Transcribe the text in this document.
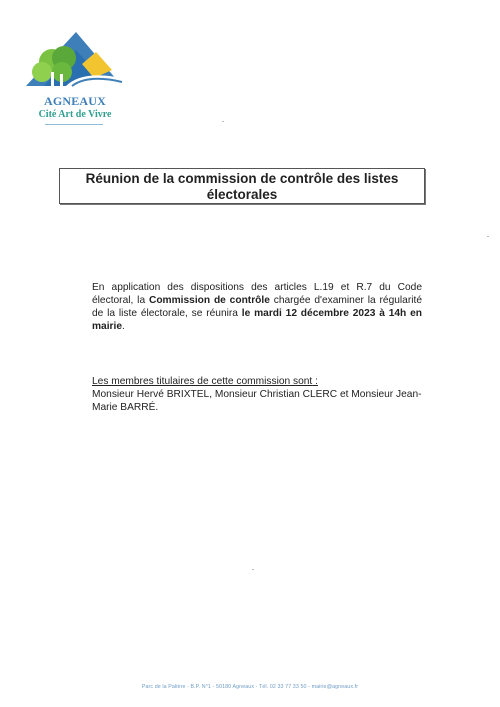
AGNEAUX
Cité Art de Vivre
Réunion de la commission de contrôle des listes
électorales
En application des dispositions des articles L.19 et R.7 du Code électoral, la Commission de contrôle chargée d'examiner la régularité de la liste électorale, se réunira le mardi 12 décembre 2023 à 14h en mairie.
Les membres titulaires de cette commission sont :
Monsieur Hervé BRIXTEL, Monsieur Christian CLERC et Monsieur Jean-Marie BARRÉ.
Parc de la Palière - B.P. N°1 - 50180 Agneaux - Tél. 02 33 77 33 50 - mairie@agneaux.fr
